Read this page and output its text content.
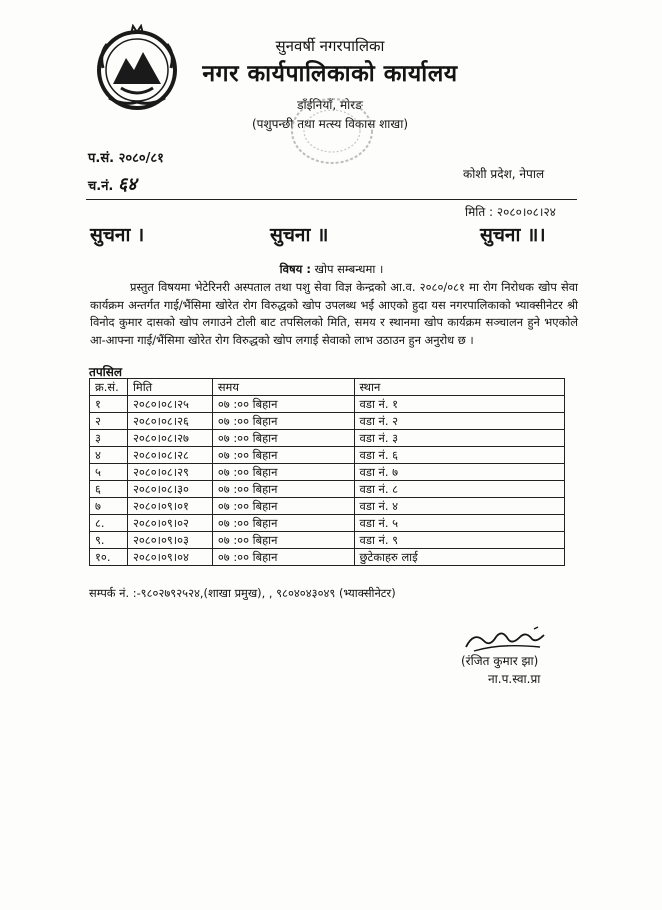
सुनवर्षी नगरपालिका
नगर कार्यपालिकाको कार्यालय
डाँईनियाँ, मोरङ
(पशुपन्छी तथा मत्स्य विकास शाखा)
प.सं. २०८०/८१
च.नं. ६४	कोशी प्रदेश, नेपाल
मिति : २०८०।०८।२४
सुचना ।	सुचना ॥	सुचना ॥।
विषय : खोप सम्बन्धमा ।
प्रस्तुत विषयमा भेटेरिनरी अस्पताल तथा पशु सेवा विज्ञ केन्द्रको आ.व. २०८०/०८१ मा रोग निरोधक खोप सेवा कार्यक्रम अन्तर्गत गाई/भैंसिमा खोरेत रोग विरुद्धको खोप उपलब्ध भई आएको हुदा यस नगरपालिकाको भ्याक्सीनेटर श्री विनोद कुमार दासको खोप लगाउने टोली बाट तपसिलको मिति, समय र स्थानमा खोप कार्यक्रम सञ्चालन हुने भएकोले आ-आफ्ना गाई/भैंसिमा खोरेत रोग विरुद्धको खोप लगाई सेवाको लाभ उठाउन हुन अनुरोध छ ।
तपसिल
क्र.सं.	मिति	समय	स्थान
१	२०८०।०८।२५	०७ :०० बिहान	वडा नं. १
२	२०८०।०८।२६	०७ :०० बिहान	वडा नं. २
३	२०८०।०८।२७	०७ :०० बिहान	वडा नं. ३
४	२०८०।०८।२८	०७ :०० बिहान	वडा नं. ६
५	२०८०।०८।२९	०७ :०० बिहान	वडा नं. ७
६	२०८०।०८।३०	०७ :०० बिहान	वडा नं. ८
७	२०८०।०९।०१	०७ :०० बिहान	वडा नं. ४
८.	२०८०।०९।०२	०७ :०० बिहान	वडा नं. ५
९.	२०८०।०९।०३	०७ :०० बिहान	वडा नं. ९
१०.	२०८०।०९।०४	०७ :०० बिहान	छुटेकाहरु लाई
सम्पर्क नं. :-९८०२७९२५२४,(शाखा प्रमुख), , ९८०४०४३०४९ (भ्याक्सीनेटर)
(रंजित कुमार झा)
ना.प.स्वा.प्रा
